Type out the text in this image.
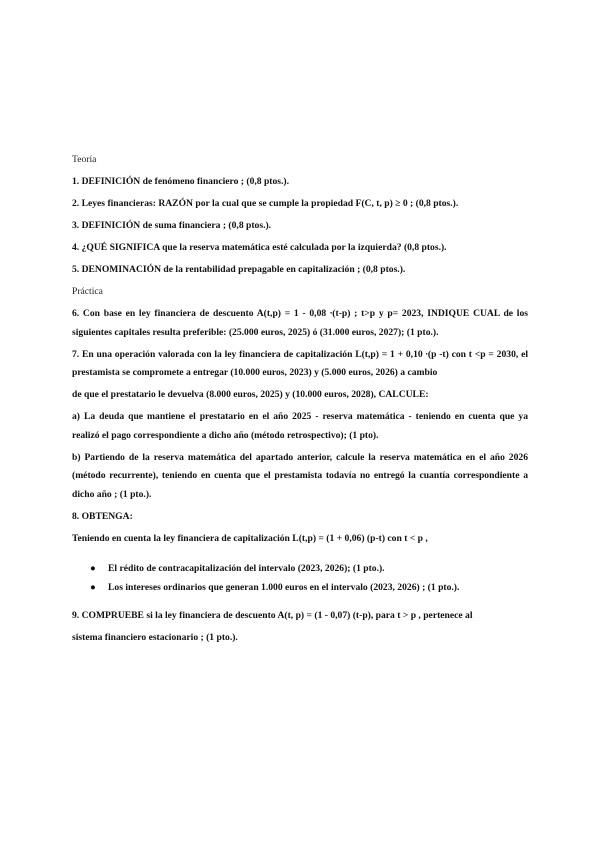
Teoría

1. DEFINICIÓN de fenómeno financiero ; (0,8 ptos.).

2. Leyes financieras: RAZÓN por la cual que se cumple la propiedad F(C, t, p) ≥ 0 ; (0,8 ptos.).

3. DEFINICIÓN de suma financiera ; (0,8 ptos.).

4. ¿QUÉ SIGNIFICA que la reserva matemática esté calculada por la izquierda? (0,8 ptos.).

5. DENOMINACIÓN de la rentabilidad prepagable en capitalización ; (0,8 ptos.).

Práctica

6. Con base en ley financiera de descuento A(t,p) = 1 - 0,08 ∙(t-p) ; t>p y p= 2023, INDIQUE CUAL de los siguientes capitales resulta preferible: (25.000 euros, 2025) ó (31.000 euros, 2027); (1 pto.).

7. En una operación valorada con la ley financiera de capitalización L(t,p) = 1 + 0,10 ∙(p -t) con t <p = 2030, el prestamista se compromete a entregar (10.000 euros, 2023) y (5.000 euros, 2026) a cambio

de que el prestatario le devuelva (8.000 euros, 2025) y (10.000 euros, 2028), CALCULE:

a) La deuda que mantiene el prestatario en el año 2025 - reserva matemática - teniendo en cuenta que ya realizó el pago correspondiente a dicho año (método retrospectivo); (1 pto).

b) Partiendo de la reserva matemática del apartado anterior, calcule la reserva matemática en el año 2026 (método recurrente), teniendo en cuenta que el prestamista todavía no entregó la cuantía correspondiente a dicho año ; (1 pto.).

8. OBTENGA:

Teniendo en cuenta la ley financiera de capitalización L(t,p) = (1 + 0,06) (p-t) con t < p ,

● El rédito de contracapitalización del intervalo (2023, 2026); (1 pto.).
● Los intereses ordinarios que generan 1.000 euros en el intervalo (2023, 2026) ; (1 pto.).

9. COMPRUEBE si la ley financiera de descuento A(t, p) = (1 - 0,07) (t-p), para t > p , pertenece al

sistema financiero estacionario ; (1 pto.).
